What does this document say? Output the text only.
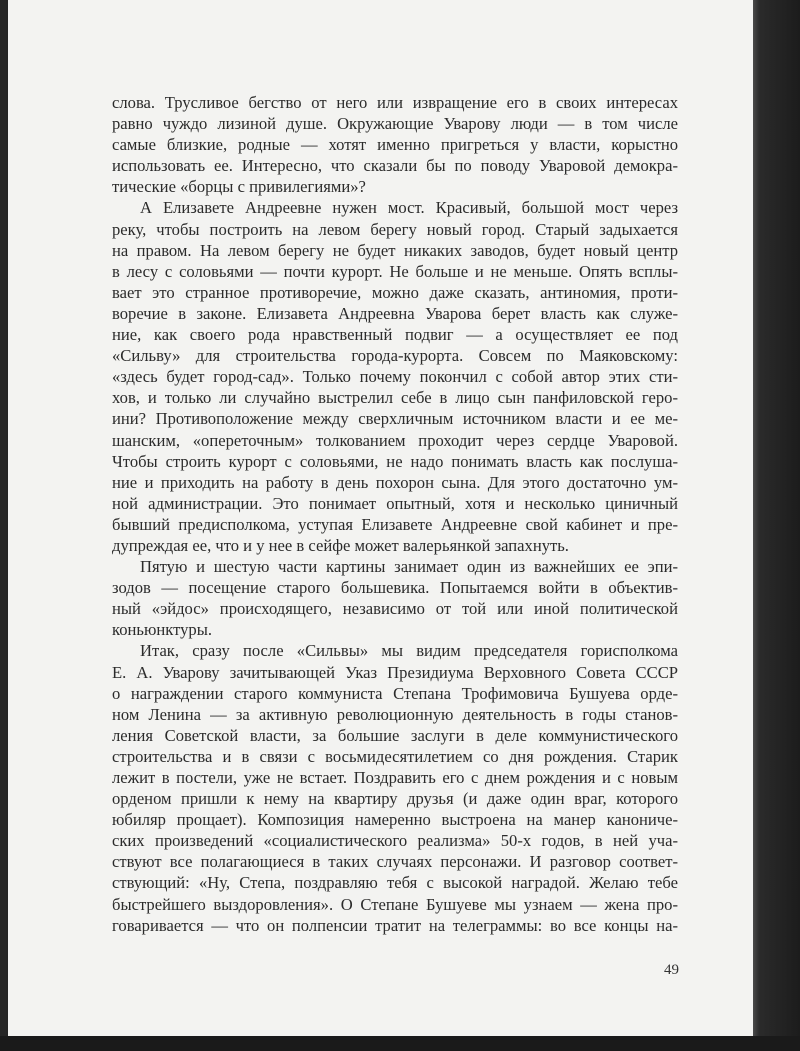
слова. Трусливое бегство от него или извращение его в своих интересах

равно чуждо лизиной душе. Окружающие Уварову люди — в том числе

самые близкие, родные — хотят именно пригреться у власти, корыстно

использовать ее. Интересно, что сказали бы по поводу Уваровой демокра-

тические «борцы с привилегиями»?

А Елизавете Андреевне нужен мост. Красивый, большой мост через

реку, чтобы построить на левом берегу новый город. Старый задыхается

на правом. На левом берегу не будет никаких заводов, будет новый центр

в лесу с соловьями — почти курорт. Не больше и не меньше. Опять всплы-

вает это странное противоречие, можно даже сказать, антиномия, проти-

воречие в законе. Елизавета Андреевна Уварова берет власть как служе-

ние, как своего рода нравственный подвиг — а осуществляет ее под

«Сильву» для строительства города-курорта. Совсем по Маяковскому:

«здесь будет город-сад». Только почему покончил с собой автор этих сти-

хов, и только ли случайно выстрелил себе в лицо сын панфиловской геро-

ини? Противоположение между сверхличным источником власти и ее ме-

шанским, «опереточным» толкованием проходит через сердце Уваровой.

Чтобы строить курорт с соловьями, не надо понимать власть как послуша-

ние и приходить на работу в день похорон сына. Для этого достаточно ум-

ной администрации. Это понимает опытный, хотя и несколько циничный

бывший предисполкома, уступая Елизавете Андреевне свой кабинет и пре-

дупреждая ее, что и у нее в сейфе может валерьянкой запахнуть.

Пятую и шестую части картины занимает один из важнейших ее эпи-

зодов — посещение старого большевика. Попытаемся войти в объектив-

ный «эйдос» происходящего, независимо от той или иной политической

коньюнктуры.

Итак, сразу после «Сильвы» мы видим председателя горисполкома

Е. А. Уварову зачитывающей Указ Президиума Верховного Совета СССР

о награждении старого коммуниста Степана Трофимовича Бушуева орде-

ном Ленина — за активную революционную деятельность в годы станов-

ления Советской власти, за большие заслуги в деле коммунистического

строительства и в связи с восьмидесятилетием со дня рождения. Старик

лежит в постели, уже не встает. Поздравить его с днем рождения и с новым

орденом пришли к нему на квартиру друзья (и даже один враг, которого

юбиляр прощает). Композиция намеренно выстроена на манер канониче-

ских произведений «социалистического реализма» 50-х годов, в ней уча-

ствуют все полагающиеся в таких случаях персонажи. И разговор соответ-

ствующий: «Ну, Степа, поздравляю тебя с высокой наградой. Желаю тебе

быстрейшего выздоровления». О Степане Бушуеве мы узнаем — жена про-

говаривается — что он полпенсии тратит на телеграммы: во все концы на-

49
